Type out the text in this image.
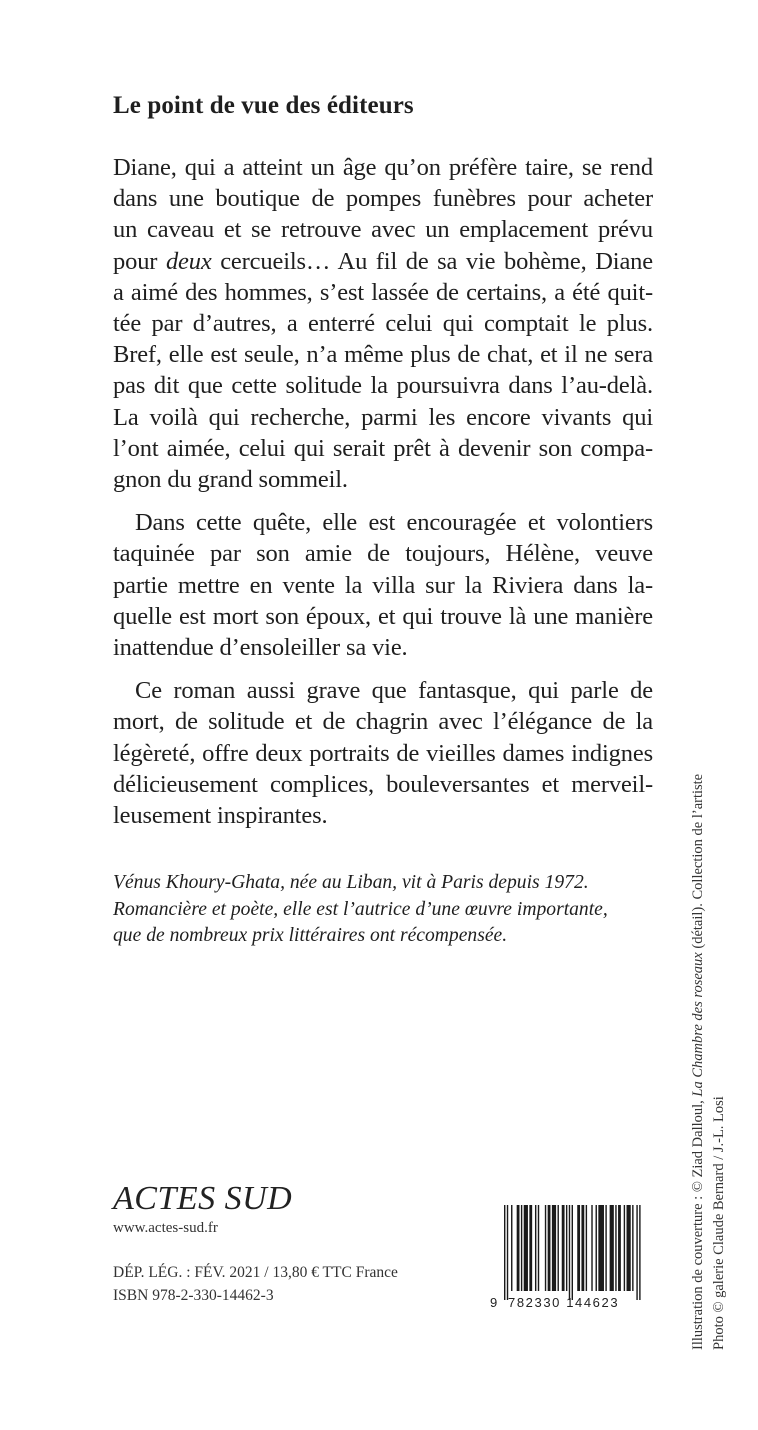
Le point de vue des éditeurs

Diane, qui a atteint un âge qu’on préfère taire, se rend
dans une boutique de pompes funèbres pour acheter
un caveau et se retrouve avec un emplacement prévu
pour deux cercueils… Au fil de sa vie bohème, Diane
a aimé des hommes, s’est lassée de certains, a été quit-
tée par d’autres, a enterré celui qui comptait le plus.
Bref, elle est seule, n’a même plus de chat, et il ne sera
pas dit que cette solitude la poursuivra dans l’au-delà.
La voilà qui recherche, parmi les encore vivants qui
l’ont aimée, celui qui serait prêt à devenir son compa-
gnon du grand sommeil.

Dans cette quête, elle est encouragée et volontiers
taquinée par son amie de toujours, Hélène, veuve
partie mettre en vente la villa sur la Riviera dans la-
quelle est mort son époux, et qui trouve là une manière
inattendue d’ensoleiller sa vie.

Ce roman aussi grave que fantasque, qui parle de
mort, de solitude et de chagrin avec l’élégance de la
légèreté, offre deux portraits de vieilles dames indignes
délicieusement complices, bouleversantes et merveil-
leusement inspirantes.

Vénus Khoury-Ghata, née au Liban, vit à Paris depuis 1972.
Romancière et poète, elle est l’autrice d’une œuvre importante,
que de nombreux prix littéraires ont récompensée.
ACTES SUD
www.actes-sud.fr
DÉP. LÉG. : FÉV. 2021 / 13,80 € TTC France
ISBN 978-2-330-14462-3	9 782330 144623	Illustration de couverture : © Ziad Dalloul, La Chambre des roseaux (détail). Collection de l’artiste
Photo © galerie Claude Bernard / J.-L. Losi
